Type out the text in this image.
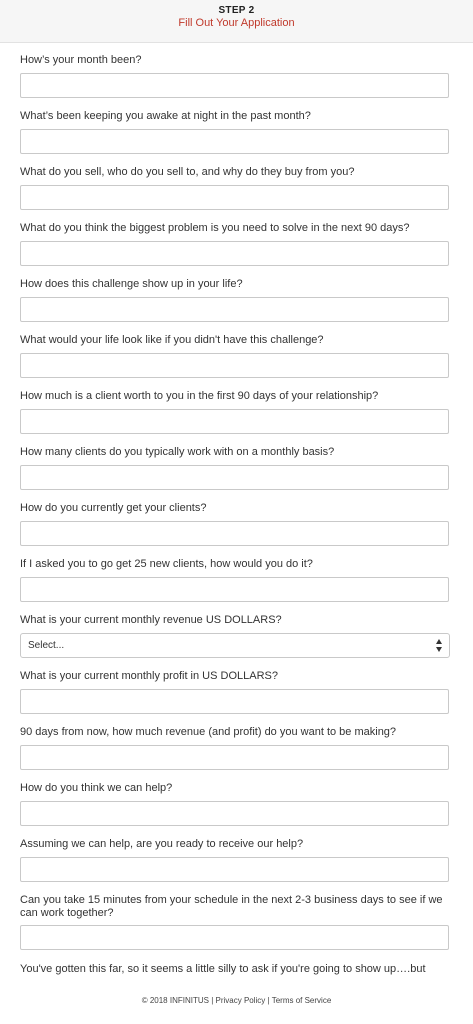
STEP 2
Fill Out Your Application
How’s your month been?
What’s been keeping you awake at night in the past month?
What do you sell, who do you sell to, and why do they buy from you?
What do you think the biggest problem is you need to solve in the next 90 days?
How does this challenge show up in your life?
What would your life look like if you didn't have this challenge?
How much is a client worth to you in the first 90 days of your relationship?
How many clients do you typically work with on a monthly basis?
How do you currently get your clients?
If I asked you to go get 25 new clients, how would you do it?
What is your current monthly revenue US DOLLARS?
Select...
What is your current monthly profit in US DOLLARS?
90 days from now, how much revenue (and profit) do you want to be making?
How do you think we can help?
Assuming we can help, are you ready to receive our help?
Can you take 15 minutes from your schedule in the next 2-3 business days to see if we can work together?
You've gotten this far, so it seems a little silly to ask if you're going to show up….but
© 2018 INFINITUS | Privacy Policy | Terms of Service
